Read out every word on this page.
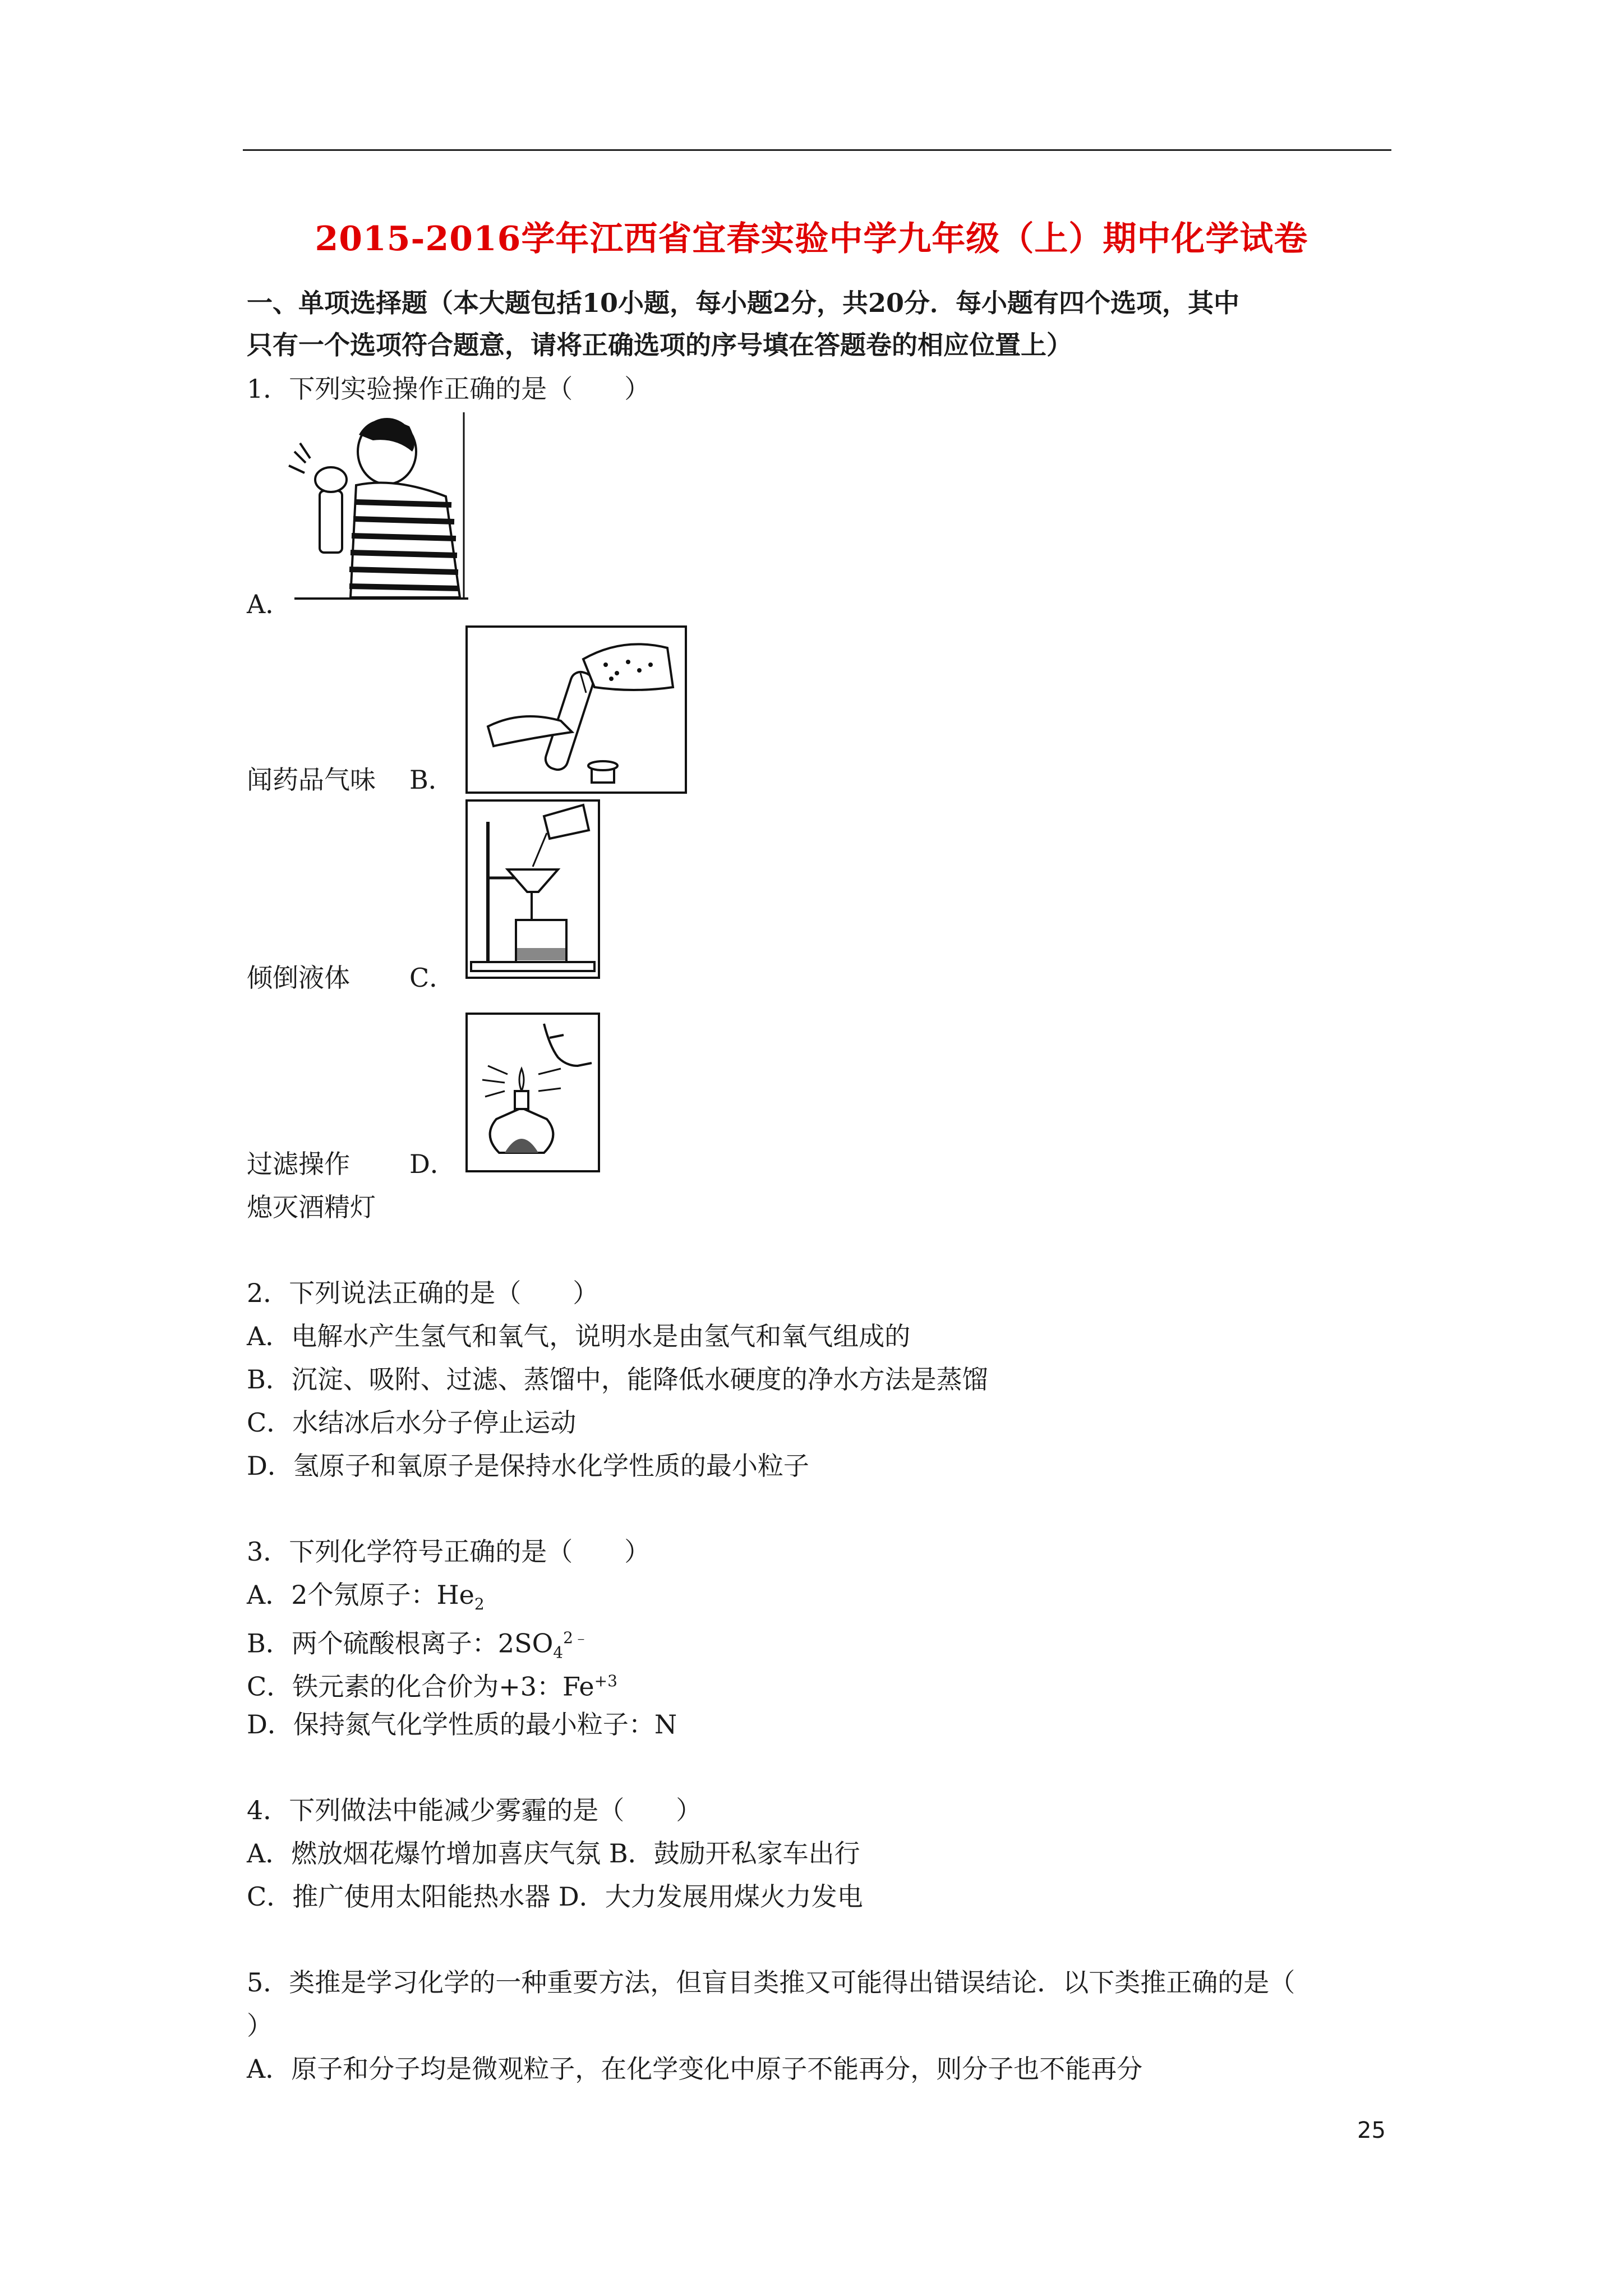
2015-2016学年江西省宜春实验中学九年级（上）期中化学试卷
一、单项选择题（本大题包括10小题，每小题2分，共20分．每小题有四个选项，其中
只有一个选项符合题意，请将正确选项的序号填在答题卷的相应位置上）
1．下列实验操作正确的是（　　）
A．
闻药品气味 B．
倾倒液体 C．
过滤操作 D．
熄灭酒精灯
2．下列说法正确的是（　　）
A．电解水产生氢气和氧气，说明水是由氢气和氧气组成的
B．沉淀、吸附、过滤、蒸馏中，能降低水硬度的净水方法是蒸馏
C．水结冰后水分子停止运动
D．氢原子和氧原子是保持水化学性质的最小粒子
3．下列化学符号正确的是（　　）
A．2个氖原子：$He_2$
B．两个硫酸根离子：$2SO_4^{2﹣}$
C．铁元素的化合价为+3：$Fe^{+3}$
D．保持氮气化学性质的最小粒子：N
4．下列做法中能减少雾霾的是（　　）
A．燃放烟花爆竹增加喜庆气氛 B．鼓励开私家车出行
C．推广使用太阳能热水器 D．大力发展用煤火力发电
5．类推是学习化学的一种重要方法，但盲目类推又可能得出错误结论．以下类推正确的是（
）
A．原子和分子均是微观粒子，在化学变化中原子不能再分，则分子也不能再分
25
